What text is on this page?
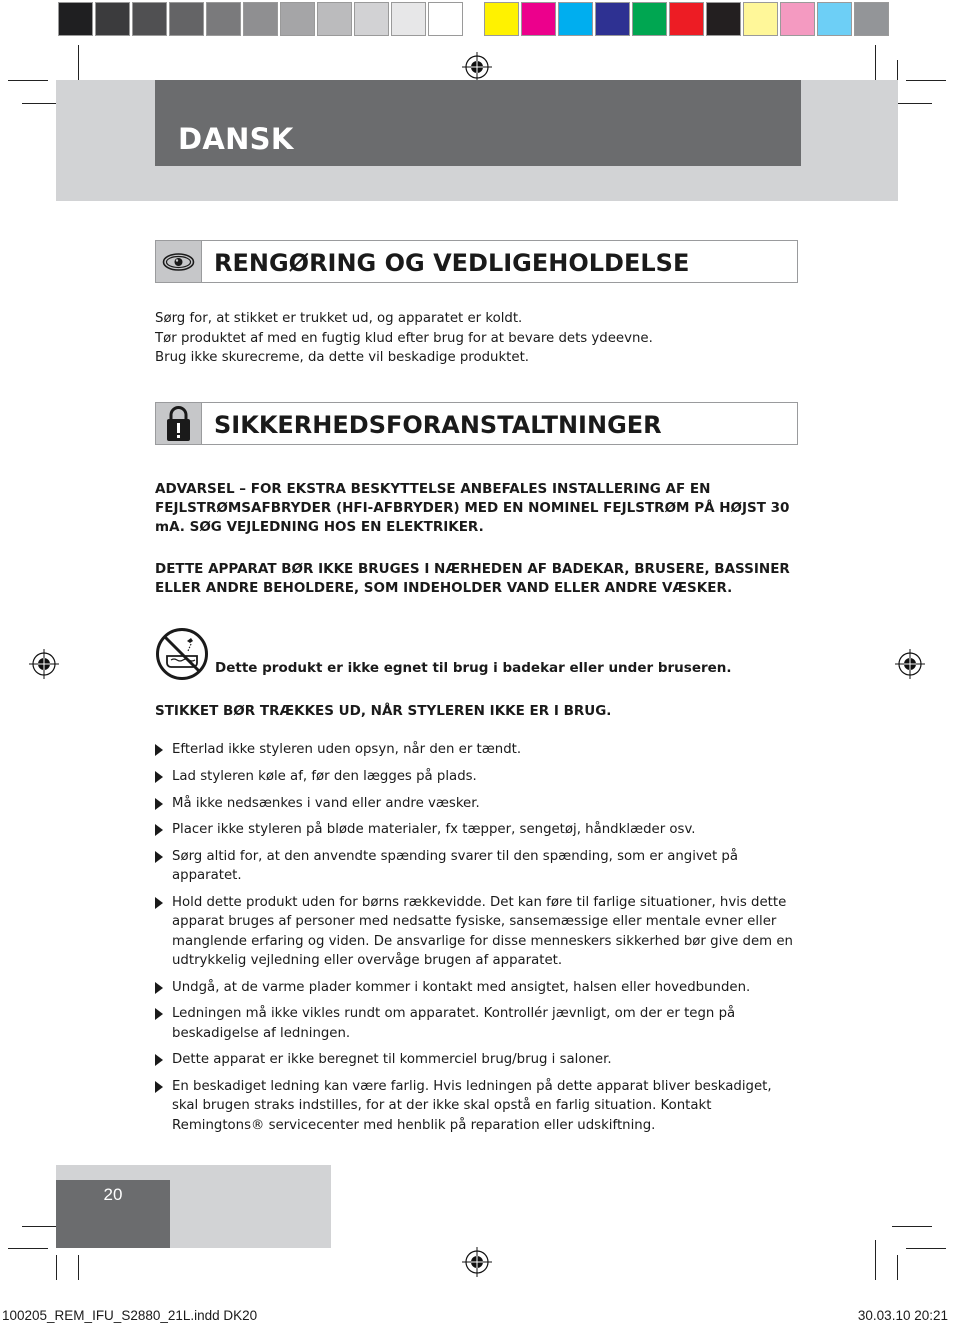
DANSK
RENGØRING OG VEDLIGEHOLDELSE
Sørg for, at stikket er trukket ud, og apparatet er koldt.
Tør produktet af med en fugtig klud efter brug for at bevare dets ydeevne.
Brug ikke skurecreme, da dette vil beskadige produktet.
SIKKERHEDSFORANSTALTNINGER
ADVARSEL – FOR EKSTRA BESKYTTELSE ANBEFALES INSTALLERING AF EN FEJLSTRØMSAFBRYDER (HFI-AFBRYDER) MED EN NOMINEL FEJLSTRØM PÅ HØJST 30 mA. SØG VEJLEDNING HOS EN ELEKTRIKER.
DETTE APPARAT BØR IKKE BRUGES I NÆRHEDEN AF BADEKAR, BRUSERE, BASSINER ELLER ANDRE BEHOLDERE, SOM INDEHOLDER VAND ELLER ANDRE VÆSKER.
Dette produkt er ikke egnet til brug i badekar eller under bruseren.
STIKKET BØR TRÆKKES UD, NÅR STYLEREN IKKE ER I BRUG.
Efterlad ikke styleren uden opsyn, når den er tændt.
Lad styleren køle af, før den lægges på plads.
Må ikke nedsænkes i vand eller andre væsker.
Placer ikke styleren på bløde materialer, fx tæpper, sengetøj, håndklæder osv.
Sørg altid for, at den anvendte spænding svarer til den spænding, som er angivet på apparatet.
Hold dette produkt uden for børns rækkevidde. Det kan føre til farlige situationer, hvis dette apparat bruges af personer med nedsatte fysiske, sansemæssige eller mentale evner eller manglende erfaring og viden. De ansvarlige for disse menneskers sikkerhed bør give dem en udtrykkelig vejledning eller overvåge brugen af apparatet.
Undgå, at de varme plader kommer i kontakt med ansigtet, halsen eller hovedbunden.
Ledningen må ikke vikles rundt om apparatet. Kontrollér jævnligt, om der er tegn på beskadigelse af ledningen.
Dette apparat er ikke beregnet til kommerciel brug/brug i saloner.
En beskadiget ledning kan være farlig. Hvis ledningen på dette apparat bliver beskadiget, skal brugen straks indstilles, for at der ikke skal opstå en farlig situation. Kontakt Remingtons® servicecenter med henblik på reparation eller udskiftning.
20
100205_REM_IFU_S2880_21L.indd DK20	30.03.10 20:21
